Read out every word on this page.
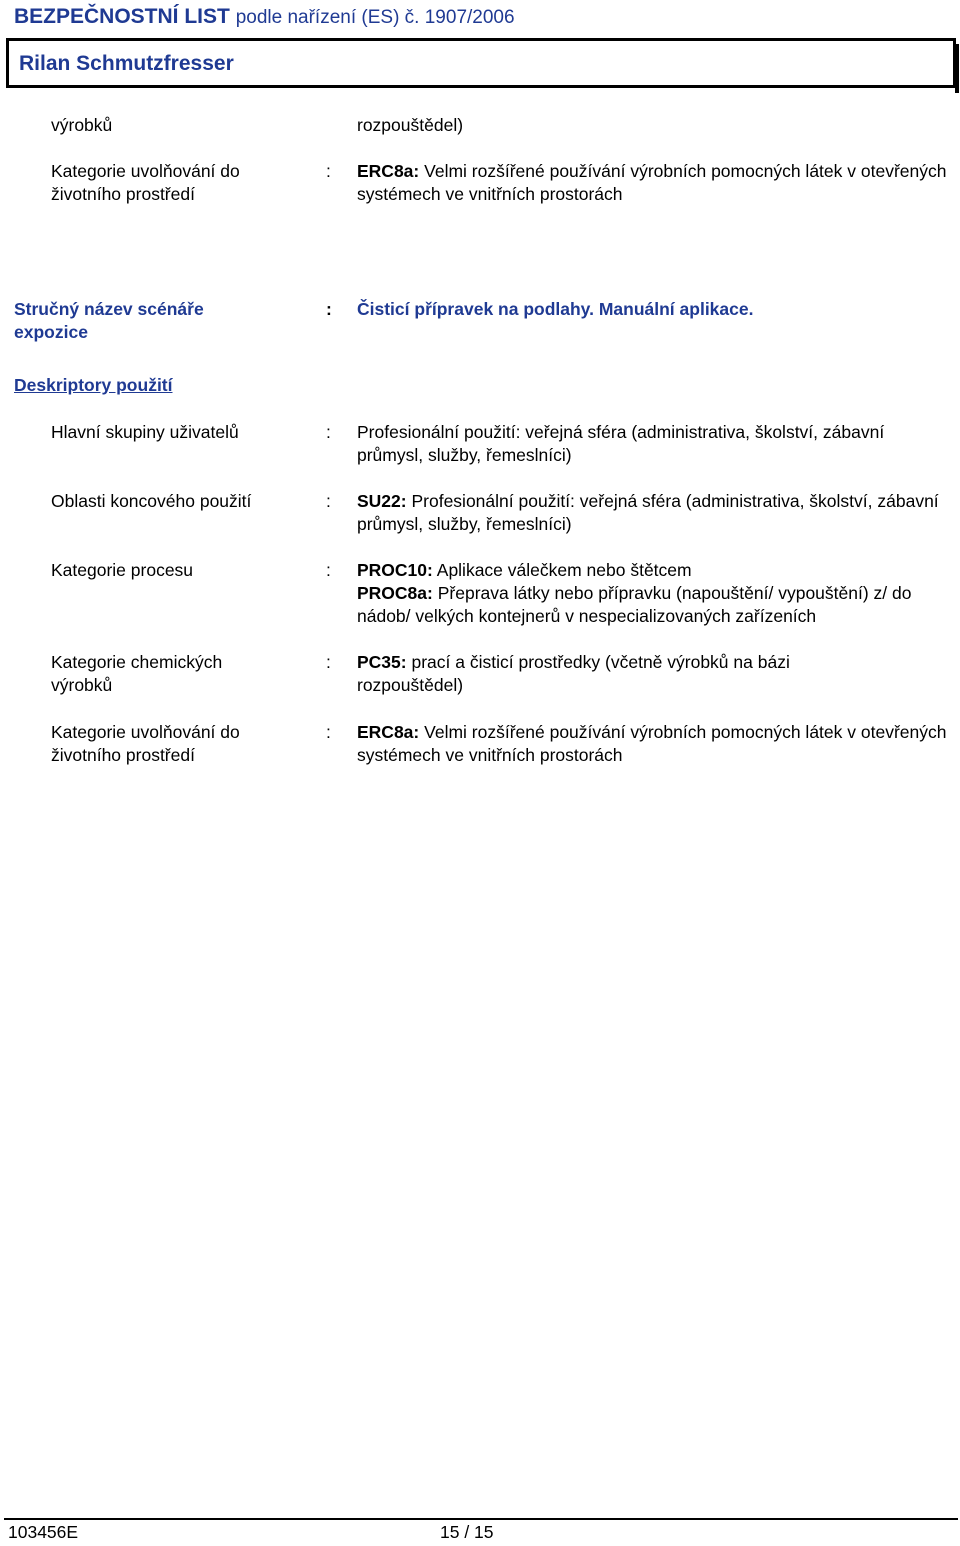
BEZPEČNOSTNÍ LIST podle nařízení (ES) č. 1907/2006
Rilan Schmutzfresser
výrobků	rozpouštědel)
Kategorie uvolňování do životního prostředí
: ERC8a: Velmi rozšířené používání výrobních pomocných látek v otevřených systémech ve vnitřních prostorách
Stručný název scénáře expozice
: Čisticí přípravek na podlahy. Manuální aplikace.
Deskriptory použití
Hlavní skupiny uživatelů	: Profesionální použití: veřejná sféra (administrativa, školství, zábavní průmysl, služby, řemeslníci)
Oblasti koncového použití	: SU22: Profesionální použití: veřejná sféra (administrativa, školství, zábavní průmysl, služby, řemeslníci)
Kategorie procesu	: PROC10: Aplikace válečkem nebo štětcem
PROC8a: Přeprava látky nebo přípravku (napouštění/ vypouštění) z/ do nádob/ velkých kontejnerů v nespecializovaných zařízeních
Kategorie chemických výrobků
: PC35: prací a čisticí prostředky (včetně výrobků na bázi rozpouštědel)
Kategorie uvolňování do životního prostředí
: ERC8a: Velmi rozšířené používání výrobních pomocných látek v otevřených systémech ve vnitřních prostorách
103456E	15 / 15
